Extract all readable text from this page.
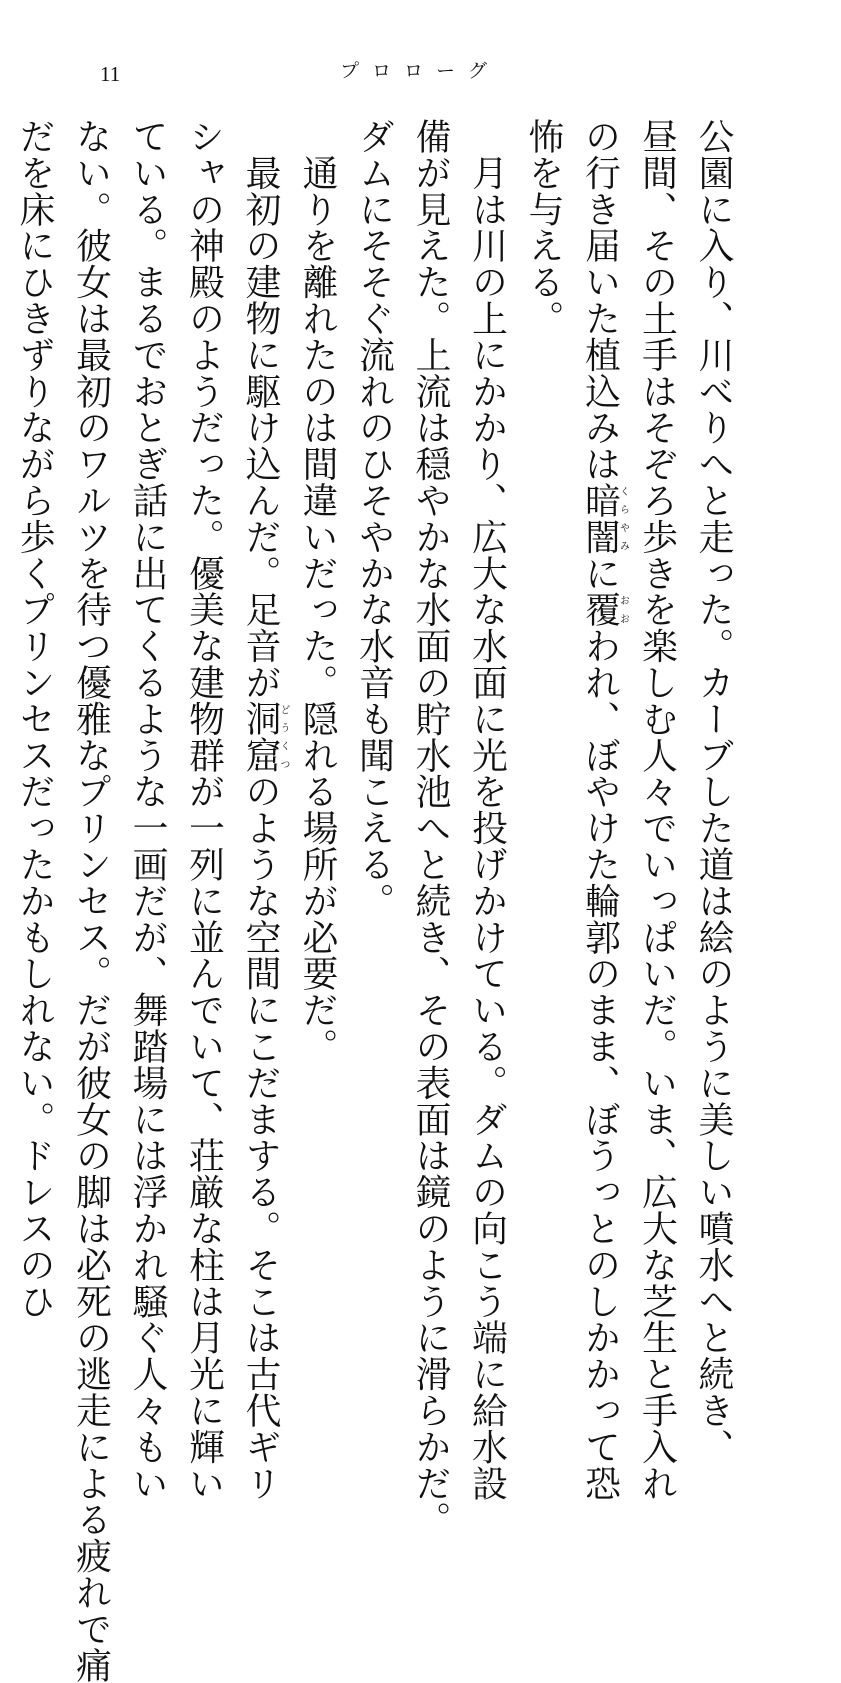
11	プロローグ
公園に入り、川べりへと走った。カーブした道は絵のように美しい噴水へと続き、
昼間、その土手はそぞろ歩きを楽しむ人々でいっぱいだ。いま、広大な芝生と手入れ
の行き届いた植込みは暗闇くらやみに覆おおわれ、ぼやけた輪郭のまま、ぼうっとのしかかって恐
怖を与える。
　月は川の上にかかり、広大な水面に光を投げかけている。ダムの向こう端に給水設
備が見えた。上流は穏やかな水面の貯水池へと続き、その表面は鏡のように滑らかだ。
ダムにそそぐ流れのひそやかな水音も聞こえる。
　通りを離れたのは間違いだった。隠れる場所が必要だ。
　最初の建物に駆け込んだ。足音が洞窟どうくつのような空間にこだまする。そこは古代ギリ
シャの神殿のようだった。優美な建物群が一列に並んでいて、荘厳な柱は月光に輝い
ている。まるでおとぎ話に出てくるような一画だが、舞踏場には浮かれ騒ぐ人々もい
ない。彼女は最初のワルツを待つ優雅なプリンセス。だが彼女の脚は必死の逃走による疲れで痛
だを床にひきずりながら歩くプリンセスだったかもしれない。ドレスのひ
